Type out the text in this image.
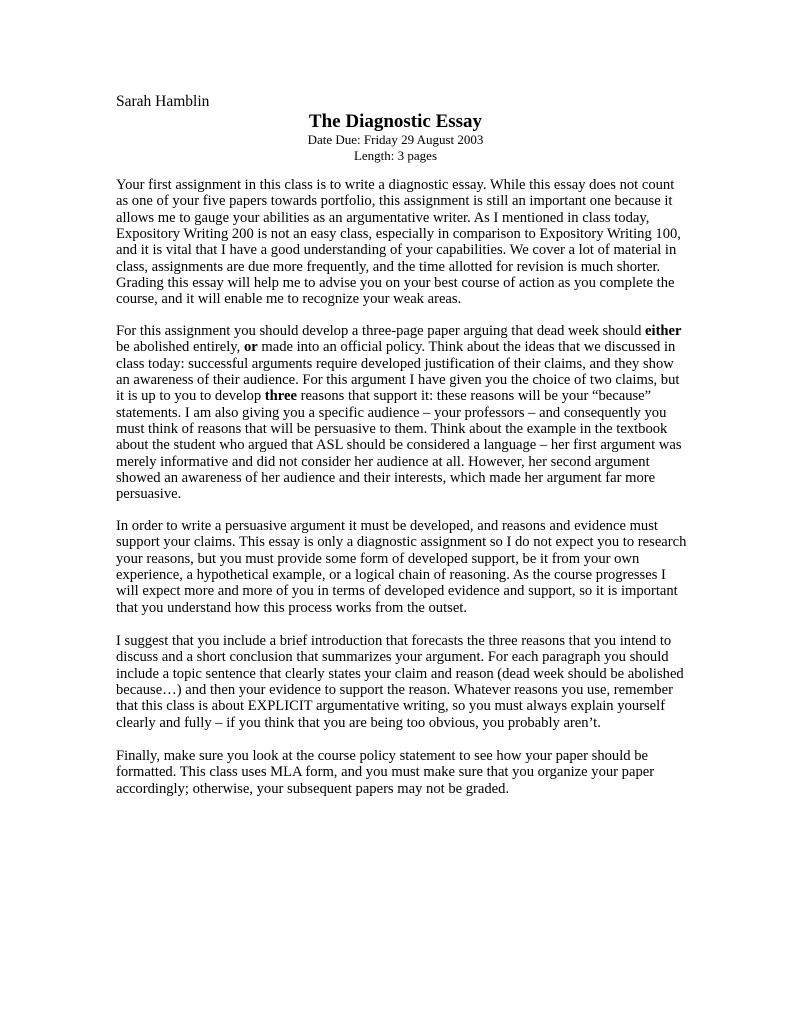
Sarah Hamblin
The Diagnostic Essay
Date Due: Friday 29 August 2003
Length: 3 pages
Your first assignment in this class is to write a diagnostic essay. While this essay does not count
as one of your five papers towards portfolio, this assignment is still an important one because it
allows me to gauge your abilities as an argumentative writer. As I mentioned in class today,
Expository Writing 200 is not an easy class, especially in comparison to Expository Writing 100,
and it is vital that I have a good understanding of your capabilities. We cover a lot of material in
class, assignments are due more frequently, and the time allotted for revision is much shorter.
Grading this essay will help me to advise you on your best course of action as you complete the
course, and it will enable me to recognize your weak areas.
For this assignment you should develop a three-page paper arguing that dead week should either
be abolished entirely, or made into an official policy. Think about the ideas that we discussed in
class today: successful arguments require developed justification of their claims, and they show
an awareness of their audience. For this argument I have given you the choice of two claims, but
it is up to you to develop three reasons that support it: these reasons will be your “because”
statements. I am also giving you a specific audience – your professors – and consequently you
must think of reasons that will be persuasive to them. Think about the example in the textbook
about the student who argued that ASL should be considered a language – her first argument was
merely informative and did not consider her audience at all. However, her second argument
showed an awareness of her audience and their interests, which made her argument far more
persuasive.
In order to write a persuasive argument it must be developed, and reasons and evidence must
support your claims. This essay is only a diagnostic assignment so I do not expect you to research
your reasons, but you must provide some form of developed support, be it from your own
experience, a hypothetical example, or a logical chain of reasoning. As the course progresses I
will expect more and more of you in terms of developed evidence and support, so it is important
that you understand how this process works from the outset.
I suggest that you include a brief introduction that forecasts the three reasons that you intend to
discuss and a short conclusion that summarizes your argument. For each paragraph you should
include a topic sentence that clearly states your claim and reason (dead week should be abolished
because…) and then your evidence to support the reason. Whatever reasons you use, remember
that this class is about EXPLICIT argumentative writing, so you must always explain yourself
clearly and fully – if you think that you are being too obvious, you probably aren’t.
Finally, make sure you look at the course policy statement to see how your paper should be
formatted. This class uses MLA form, and you must make sure that you organize your paper
accordingly; otherwise, your subsequent papers may not be graded.
